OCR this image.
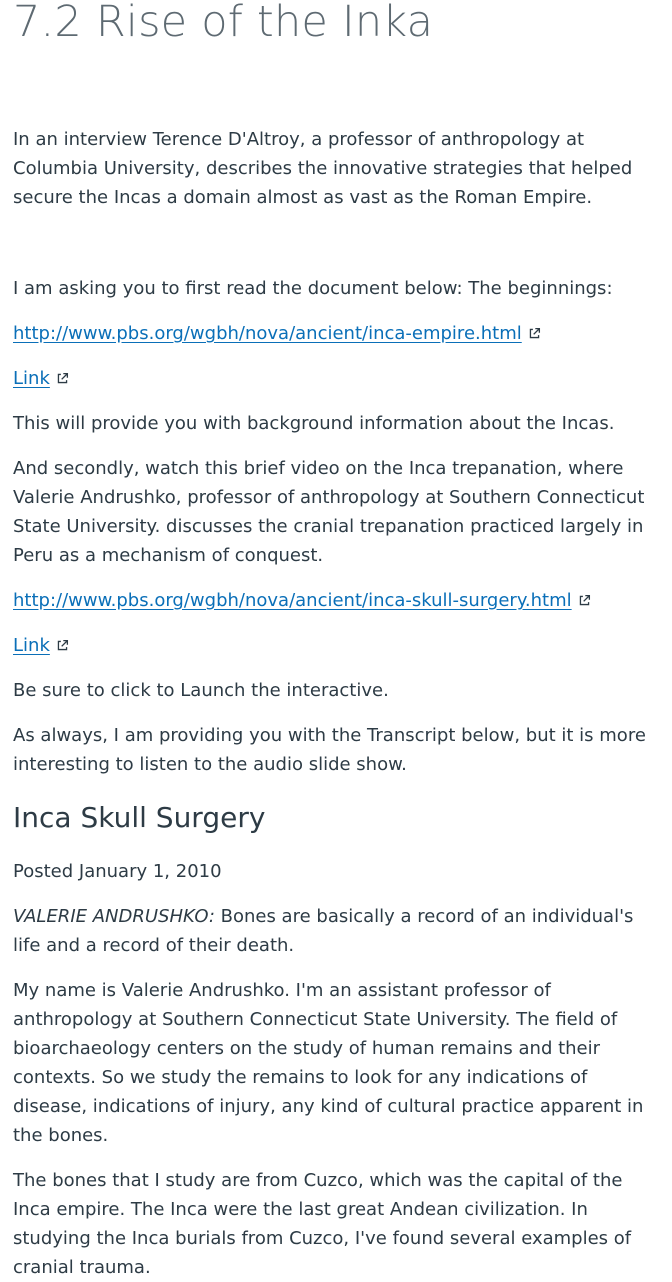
7.2 Rise of the Inka

In an interview Terence D'Altroy, a professor of anthropology at Columbia University, describes the innovative strategies that helped secure the Incas a domain almost as vast as the Roman Empire.

I am asking you to first read the document below: The beginnings:

http://www.pbs.org/wgbh/nova/ancient/inca-empire.html

Link

This will provide you with background information about the Incas.

And secondly, watch this brief video on the Inca trepanation, where Valerie Andrushko, professor of anthropology at Southern Connecticut State University. discusses the cranial trepanation practiced largely in Peru as a mechanism of conquest.

http://www.pbs.org/wgbh/nova/ancient/inca-skull-surgery.html

Link

Be sure to click to Launch the interactive.

As always, I am providing you with the Transcript below, but it is more interesting to listen to the audio slide show.

Inca Skull Surgery

Posted January 1, 2010

VALERIE ANDRUSHKO: Bones are basically a record of an individual's life and a record of their death.

My name is Valerie Andrushko. I'm an assistant professor of anthropology at Southern Connecticut State University. The field of bioarchaeology centers on the study of human remains and their contexts. So we study the remains to look for any indications of disease, indications of injury, any kind of cultural practice apparent in the bones.

The bones that I study are from Cuzco, which was the capital of the Inca empire. The Inca were the last great Andean civilization. In studying the Inca burials from Cuzco, I've found several examples of cranial trauma.
